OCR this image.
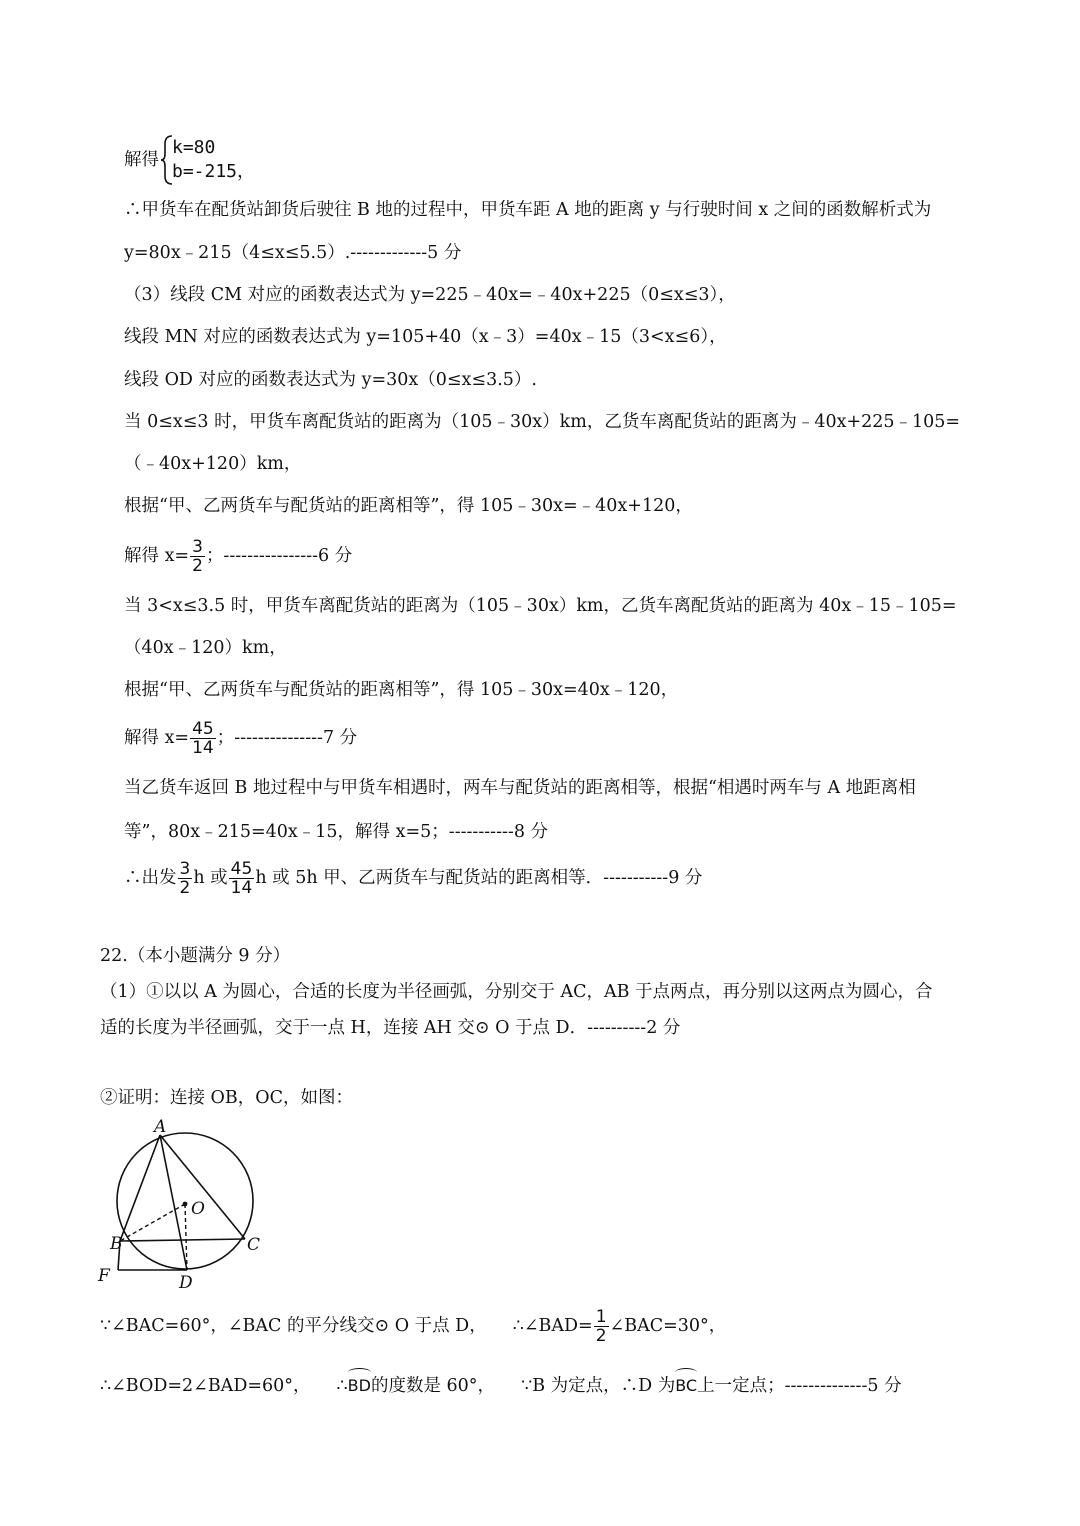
解得
k=80
b=-215，
∴甲货车在配货站卸货后驶往 B 地的过程中，甲货车距 A 地的距离 y 与行驶时间 x 之间的函数解析式为
y=80x﹣215（4≤x≤5.5）.-------------5 分
（3）线段 CM 对应的函数表达式为 y=225﹣40x=﹣40x+225（0≤x≤3），
线段 MN 对应的函数表达式为 y=105+40（x﹣3）=40x﹣15（3<x≤6），
线段 OD 对应的函数表达式为 y=30x（0≤x≤3.5）.
当 0≤x≤3 时，甲货车离配货站的距离为（105﹣30x）km，乙货车离配货站的距离为﹣40x+225﹣105=
（﹣40x+120）km，
根据“甲、乙两货车与配货站的距离相等”，得 105﹣30x=﹣40x+120，
解得 $x= \frac{3}{2}$ ；----------------6 分
当 3<x≤3.5 时，甲货车离配货站的距离为（105﹣30x）km，乙货车离配货站的距离为 40x﹣15﹣105=
（40x﹣120）km，
根据“甲、乙两货车与配货站的距离相等”，得 105﹣30x=40x﹣120，
解得 $x= \frac{45}{14}$ ；---------------7 分
当乙货车返回 B 地过程中与甲货车相遇时，两车与配货站的距离相等，根据“相遇时两车与 A 地距离相
等”，80x﹣215=40x﹣15，解得 x=5；-----------8 分
∴出发 $\frac{3}{2}$ h 或 $\frac{45}{14}$ h 或 5h 甲、乙两货车与配货站的距离相等．-----------9 分
22.（本小题满分 9 分）
（1）①以以 A 为圆心，合适的长度为半径画弧，分别交于 AC，AB 于点两点，再分别以这两点为圆心，合
适的长度为半径画弧，交于一点 H，连接 AH 交⊙ O 于点 D．----------2 分
②证明：连接 OB，OC，如图：
A
O
B	C
F	D
∵∠BAC=60°，∠BAC 的平分线交⊙ O 于点 D， ∴∠BAD= $\frac{1}{2}$ ∠BAC=30°，
∴∠BOD=2∠BAD=60°， ∴BD的度数是 60°， ∵B 为定点，∴D 为BC上一定点；--------------5 分
